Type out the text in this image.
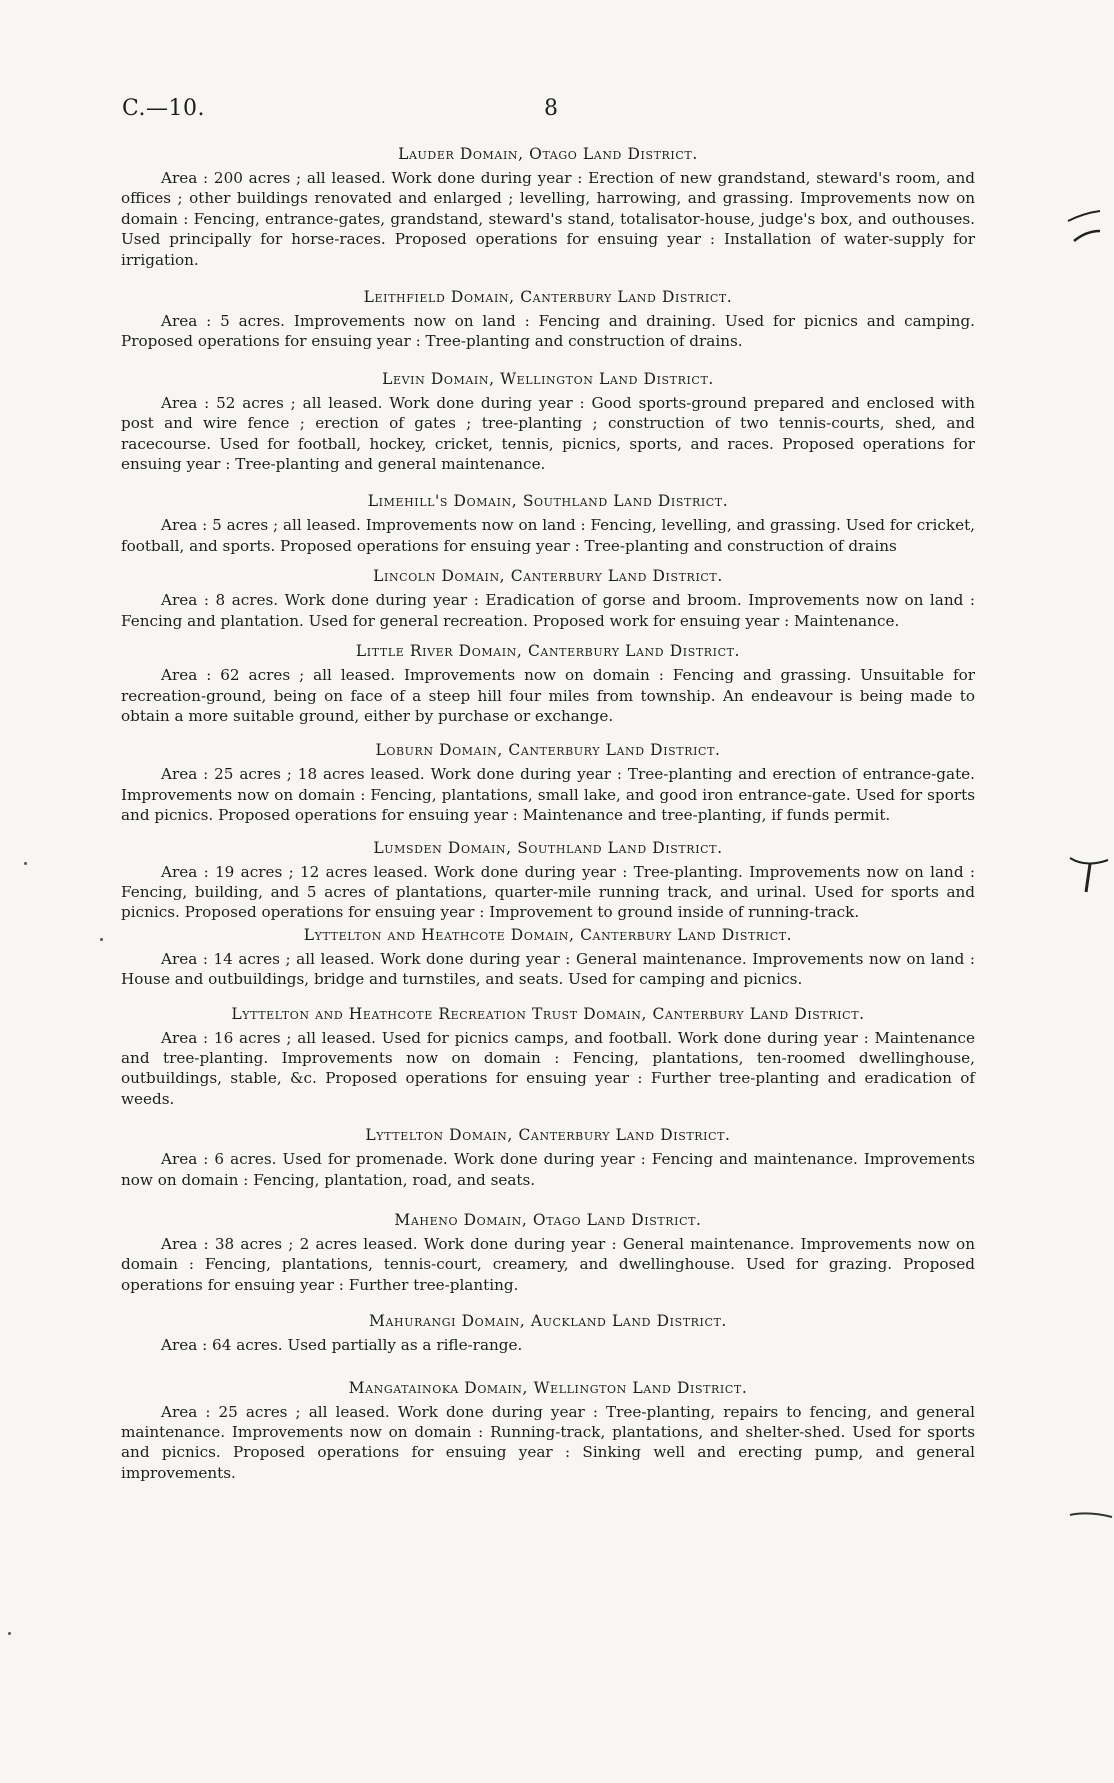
C.—10.	8

Lauder Domain, Otago Land District.

Area : 200 acres ; all leased. Work done during year : Erection of new grandstand, steward's room, and offices ; other buildings renovated and enlarged ; levelling, harrowing, and grassing. Improvements now on domain : Fencing, entrance-gates, grandstand, steward's stand, totalisator-house, judge's box, and outhouses. Used principally for horse-races. Proposed operations for ensuing year : Installation of water-supply for irrigation.

Leithfield Domain, Canterbury Land District.

Area : 5 acres. Improvements now on land : Fencing and draining. Used for picnics and camping. Proposed operations for ensuing year : Tree-planting and construction of drains.

Levin Domain, Wellington Land District.

Area : 52 acres ; all leased. Work done during year : Good sports-ground prepared and enclosed with post and wire fence ; erection of gates ; tree-planting ; construction of two tennis-courts, shed, and racecourse. Used for football, hockey, cricket, tennis, picnics, sports, and races. Proposed operations for ensuing year : Tree-planting and general maintenance.

Limehill's Domain, Southland Land District.

Area : 5 acres ; all leased. Improvements now on land : Fencing, levelling, and grassing. Used for cricket, football, and sports. Proposed operations for ensuing year : Tree-planting and construction of drains

Lincoln Domain, Canterbury Land District.

Area : 8 acres. Work done during year : Eradication of gorse and broom. Improvements now on land : Fencing and plantation. Used for general recreation. Proposed work for ensuing year : Maintenance.

Little River Domain, Canterbury Land District.

Area : 62 acres ; all leased. Improvements now on domain : Fencing and grassing. Unsuitable for recreation-ground, being on face of a steep hill four miles from township. An endeavour is being made to obtain a more suitable ground, either by purchase or exchange.

Loburn Domain, Canterbury Land District.

Area : 25 acres ; 18 acres leased. Work done during year : Tree-planting and erection of entrance-gate. Improvements now on domain : Fencing, plantations, small lake, and good iron entrance-gate. Used for sports and picnics. Proposed operations for ensuing year : Maintenance and tree-planting, if funds permit.

Lumsden Domain, Southland Land District.

Area : 19 acres ; 12 acres leased. Work done during year : Tree-planting. Improvements now on land : Fencing, building, and 5 acres of plantations, quarter-mile running track, and urinal. Used for sports and picnics. Proposed operations for ensuing year : Improvement to ground inside of running-track.

Lyttelton and Heathcote Domain, Canterbury Land District.

Area : 14 acres ; all leased. Work done during year : General maintenance. Improvements now on land : House and outbuildings, bridge and turnstiles, and seats. Used for camping and picnics.

Lyttelton and Heathcote Recreation Trust Domain, Canterbury Land District.

Area : 16 acres ; all leased. Used for picnics camps, and football. Work done during year : Maintenance and tree-planting. Improvements now on domain : Fencing, plantations, ten-roomed dwellinghouse, outbuildings, stable, &c. Proposed operations for ensuing year : Further tree-planting and eradication of weeds.

Lyttelton Domain, Canterbury Land District.

Area : 6 acres. Used for promenade. Work done during year : Fencing and maintenance. Improvements now on domain : Fencing, plantation, road, and seats.

Maheno Domain, Otago Land District.

Area : 38 acres ; 2 acres leased. Work done during year : General maintenance. Improvements now on domain : Fencing, plantations, tennis-court, creamery, and dwellinghouse. Used for grazing. Proposed operations for ensuing year : Further tree-planting.

Mahurangi Domain, Auckland Land District.

Area : 64 acres. Used partially as a rifle-range.

Mangatainoka Domain, Wellington Land District.

Area : 25 acres ; all leased. Work done during year : Tree-planting, repairs to fencing, and general maintenance. Improvements now on domain : Running-track, plantations, and shelter-shed. Used for sports and picnics. Proposed operations for ensuing year : Sinking well and erecting pump, and general improvements.
